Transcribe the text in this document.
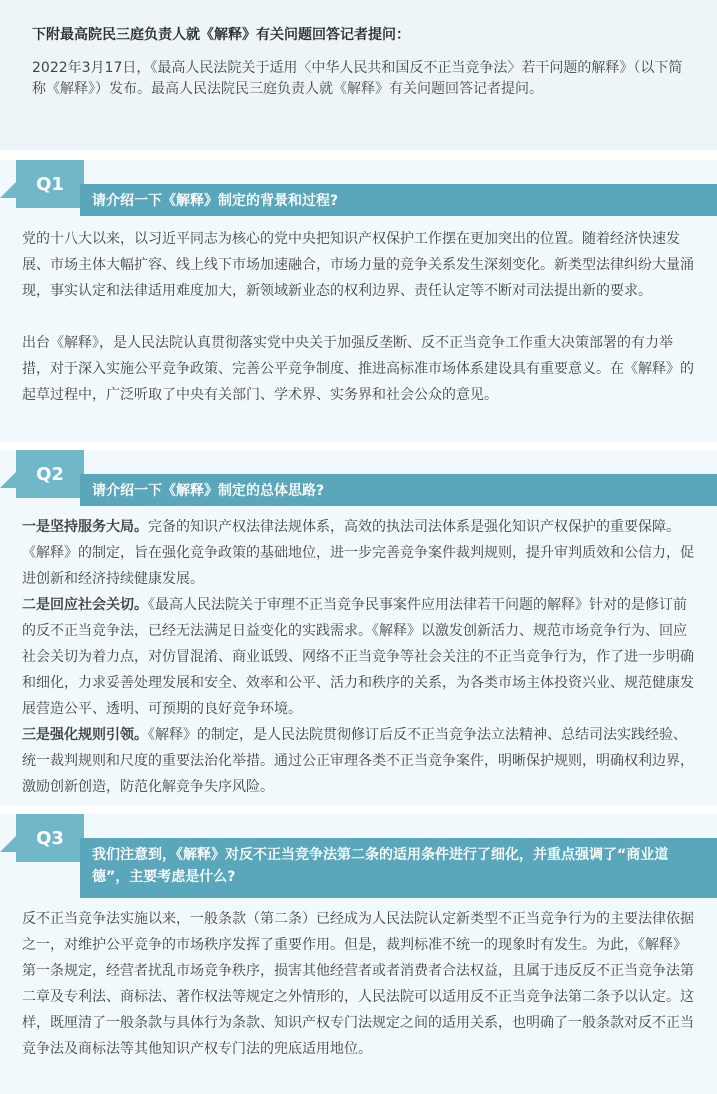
下附最高院民三庭负责人就《解释》有关问题回答记者提问：
2022年3月17日，《最高人民法院关于适用〈中华人民共和国反不正当竞争法〉若干问题的解释》（以下简称《解释》）发布。最高人民法院民三庭负责人就《解释》有关问题回答记者提问。
Q1
请介绍一下《解释》制定的背景和过程?

党的十八大以来，以习近平同志为核心的党中央把知识产权保护工作摆在更加突出的位置。随着经济快速发展、市场主体大幅扩容、线上线下市场加速融合，市场力量的竞争关系发生深刻变化。新类型法律纠纷大量涌现，事实认定和法律适用难度加大，新领域新业态的权利边界、责任认定等不断对司法提出新的要求。

出台《解释》，是人民法院认真贯彻落实党中央关于加强反垄断、反不正当竞争工作重大决策部署的有力举措，对于深入实施公平竞争政策、完善公平竞争制度、推进高标准市场体系建设具有重要意义。在《解释》的起草过程中，广泛听取了中央有关部门、学术界、实务界和社会公众的意见。

Q2
请介绍一下《解释》制定的总体思路?

一是坚持服务大局。完备的知识产权法律法规体系，高效的执法司法体系是强化知识产权保护的重要保障。《解释》的制定，旨在强化竞争政策的基础地位，进一步完善竞争案件裁判规则，提升审判质效和公信力，促进创新和经济持续健康发展。

二是回应社会关切。《最高人民法院关于审理不正当竞争民事案件应用法律若干问题的解释》针对的是修订前的反不正当竞争法，已经无法满足日益变化的实践需求。《解释》以激发创新活力、规范市场竞争行为、回应社会关切为着力点，对仿冒混淆、商业诋毁、网络不正当竞争等社会关注的不正当竞争行为，作了进一步明确和细化，力求妥善处理发展和安全、效率和公平、活力和秩序的关系，为各类市场主体投资兴业、规范健康发展营造公平、透明、可预期的良好竞争环境。

三是强化规则引领。《解释》的制定，是人民法院贯彻修订后反不正当竞争法立法精神、总结司法实践经验、统一裁判规则和尺度的重要法治化举措。通过公正审理各类不正当竞争案件，明晰保护规则，明确权利边界，激励创新创造，防范化解竞争失序风险。

Q3
我们注意到，《解释》对反不正当竞争法第二条的适用条件进行了细化，并重点强调了“商业道德”，主要考虑是什么?

反不正当竞争法实施以来，一般条款（第二条）已经成为人民法院认定新类型不正当竞争行为的主要法律依据之一，对维护公平竞争的市场秩序发挥了重要作用。但是，裁判标准不统一的现象时有发生。为此，《解释》第一条规定，经营者扰乱市场竞争秩序，损害其他经营者或者消费者合法权益，且属于违反反不正当竞争法第二章及专利法、商标法、著作权法等规定之外情形的，人民法院可以适用反不正当竞争法第二条予以认定。这样，既厘清了一般条款与具体行为条款、知识产权专门法规定之间的适用关系，也明确了一般条款对反不正当竞争法及商标法等其他知识产权专门法的兜底适用地位。
